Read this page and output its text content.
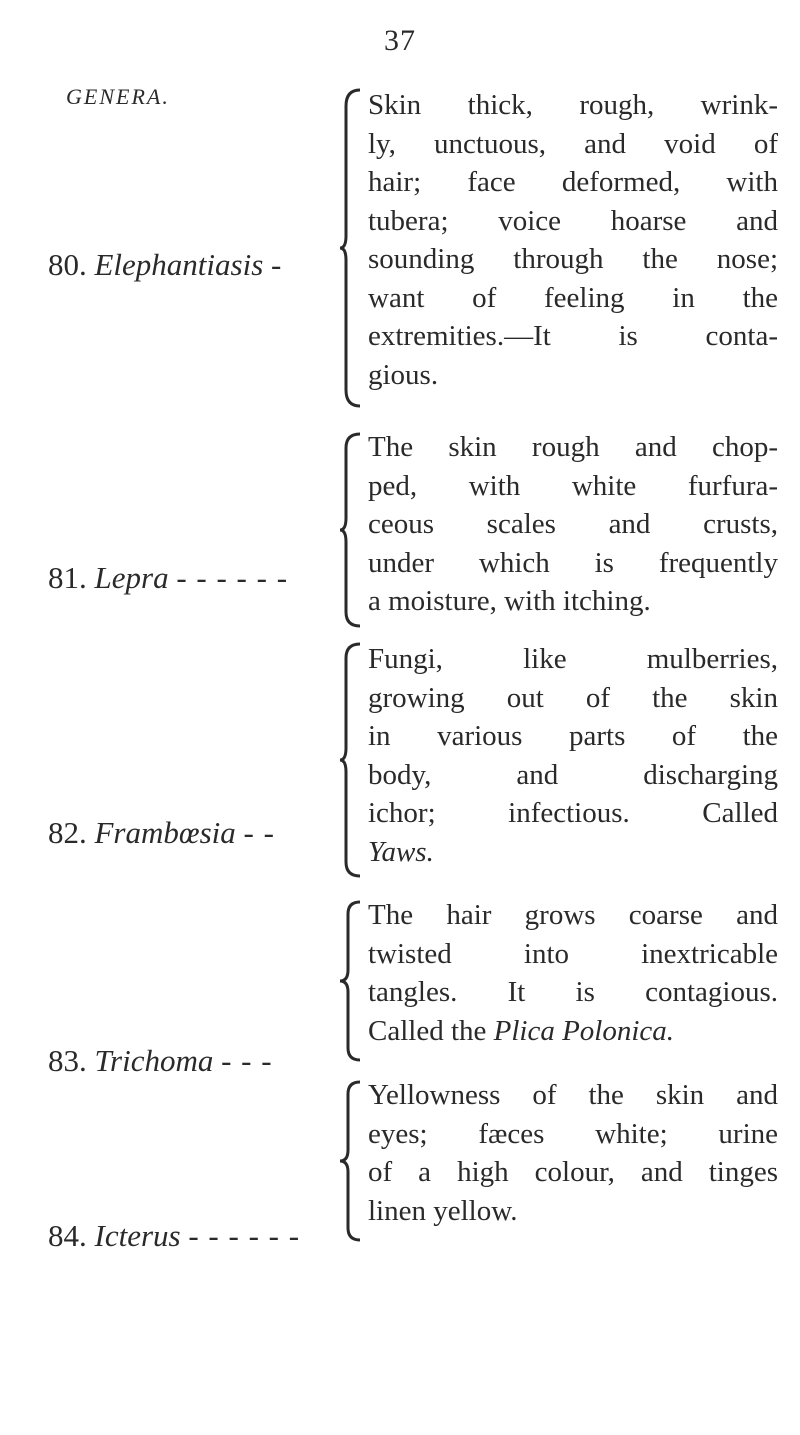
37
GENERA.
80. Elephantiasis -
Skin thick, rough, wrink-
ly, unctuous, and void of
hair; face deformed, with
tubera; voice hoarse and
sounding through the nose;
want of feeling in the
extremities.—It is conta-
gious.
81. Lepra - - - - - -
The skin rough and chop-
ped, with white furfura-
ceous scales and crusts,
under which is frequently
a moisture, with itching.
82. Frambœsia - -
Fungi, like mulberries,
growing out of the skin
in various parts of the
body, and discharging
ichor; infectious. Called
Yaws.
83. Trichoma - - -
The hair grows coarse and
twisted into inextricable
tangles. It is contagious.
Called the Plica Polonica.
84. Icterus - - - - - -
Yellowness of the skin and
eyes; fæces white; urine
of a high colour, and tinges
linen yellow.
